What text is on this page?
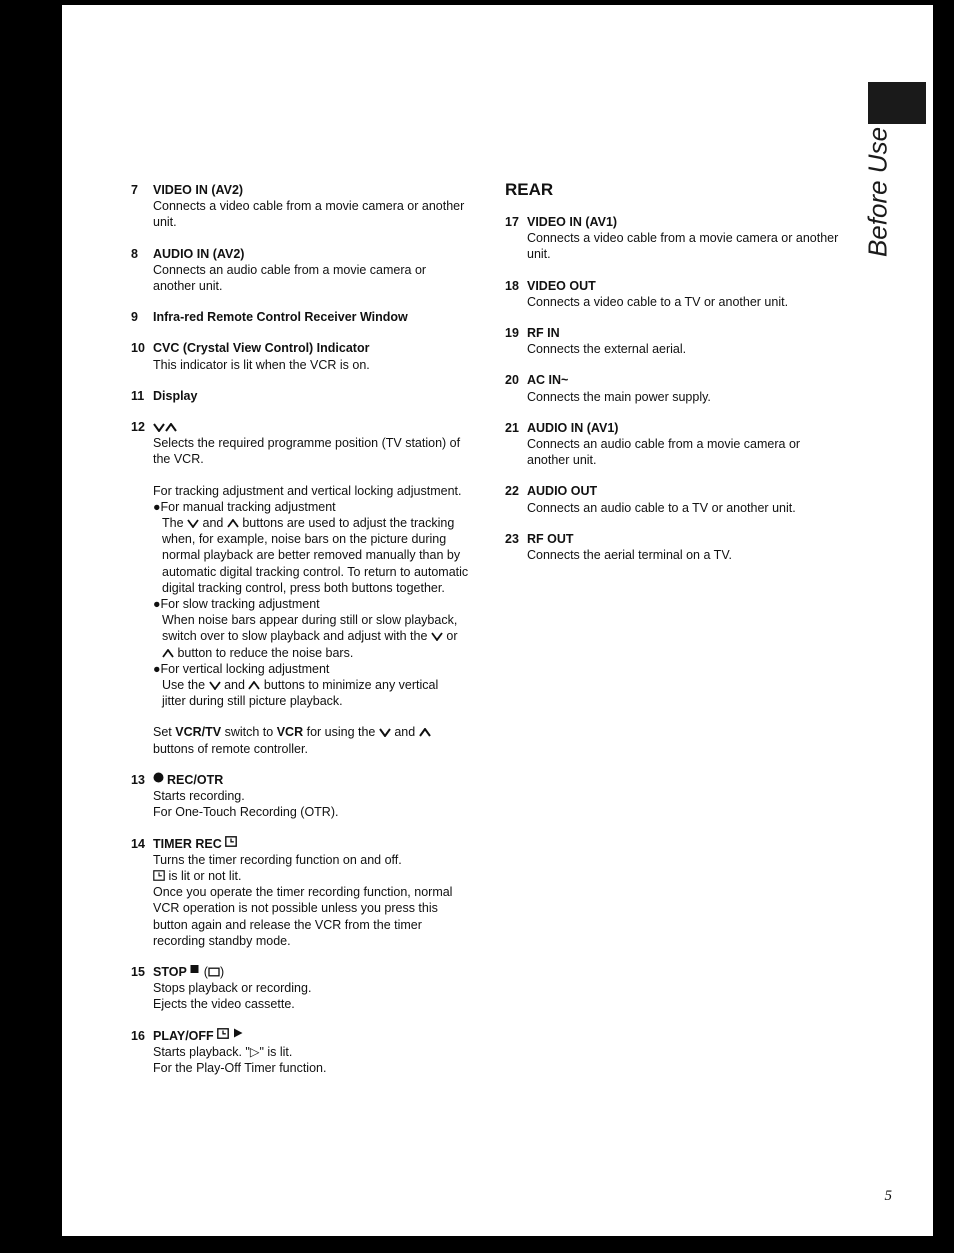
Before Use
7	VIDEO IN (AV2)
Connects a video cable from a movie camera or another
unit.
8	AUDIO IN (AV2)
Connects an audio cable from a movie camera or
another unit.
9	Infra-red Remote Control Receiver Window
10 CVC (Crystal View Control) Indicator
This indicator is lit when the VCR is on.
11 Display
12
Selects the required programme position (TV station) of
the VCR.
For tracking adjustment and vertical locking adjustment.
●For manual tracking adjustment
The and buttons are used to adjust the tracking
when, for example, noise bars on the picture during
normal playback are better removed manually than by
automatic digital tracking control. To return to automatic
digital tracking control, press both buttons together.
●For slow tracking adjustment
When noise bars appear during still or slow playback,
switch over to slow playback and adjust with the or
button to reduce the noise bars.
●For vertical locking adjustment
Use the and buttons to minimize any vertical
jitter during still picture playback.
Set VCR/TV switch to VCR for using the and
buttons of remote controller.
13	REC/OTR
Starts recording.
For One-Touch Recording (OTR).
14 TIMER REC

Turns the timer recording function on and off.
is lit or not lit.
Once you operate the timer recording function, normal
VCR operation is not possible unless you press this
button again and release the VCR from the timer
recording standby mode.
15 STOP

( )
Stops playback or recording.
Ejects the video cassette.
16 PLAY/OFF

Starts playback. "▷" is lit.
For the Play-Off Timer function.
REAR
17 VIDEO IN (AV1)
Connects a video cable from a movie camera or another
unit.
18 VIDEO OUT
Connects a video cable to a TV or another unit.
19 RF IN
Connects the external aerial.
20 AC IN~
Connects the main power supply.
21 AUDIO IN (AV1)
Connects an audio cable from a movie camera or
another unit.
22 AUDIO OUT
Connects an audio cable to a TV or another unit.
23 RF OUT
Connects the aerial terminal on a TV.
5
